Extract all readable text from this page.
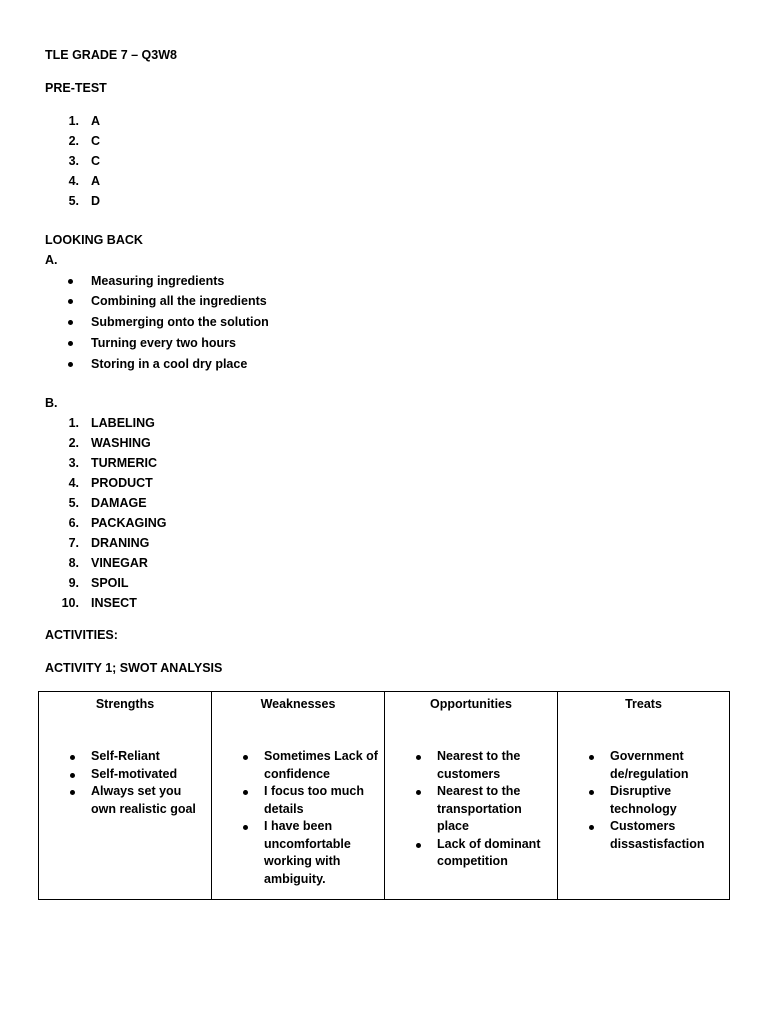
TLE GRADE 7 – Q3W8
PRE-TEST
1. A
2. C
3. C
4. A
5. D
LOOKING BACK
A.
Measuring ingredients
Combining all the ingredients
Submerging onto the solution
Turning every two hours
Storing in a cool dry place
B.
1. LABELING
2. WASHING
3. TURMERIC
4. PRODUCT
5. DAMAGE
6. PACKAGING
7. DRANING
8. VINEGAR
9. SPOIL
10. INSECT
ACTIVITIES:
ACTIVITY 1; SWOT ANALYSIS
Strengths
Self-Reliant
Self-motivated
Always set you own realistic goal
Weaknesses
Sometimes Lack of confidence
I focus too much details
I have been uncomfortable working with ambiguity.
Opportunities
Nearest to the customers
Nearest to the transportation place
Lack of dominant competition
Treats
Government de/regulation
Disruptive technology
Customers dissastisfaction
